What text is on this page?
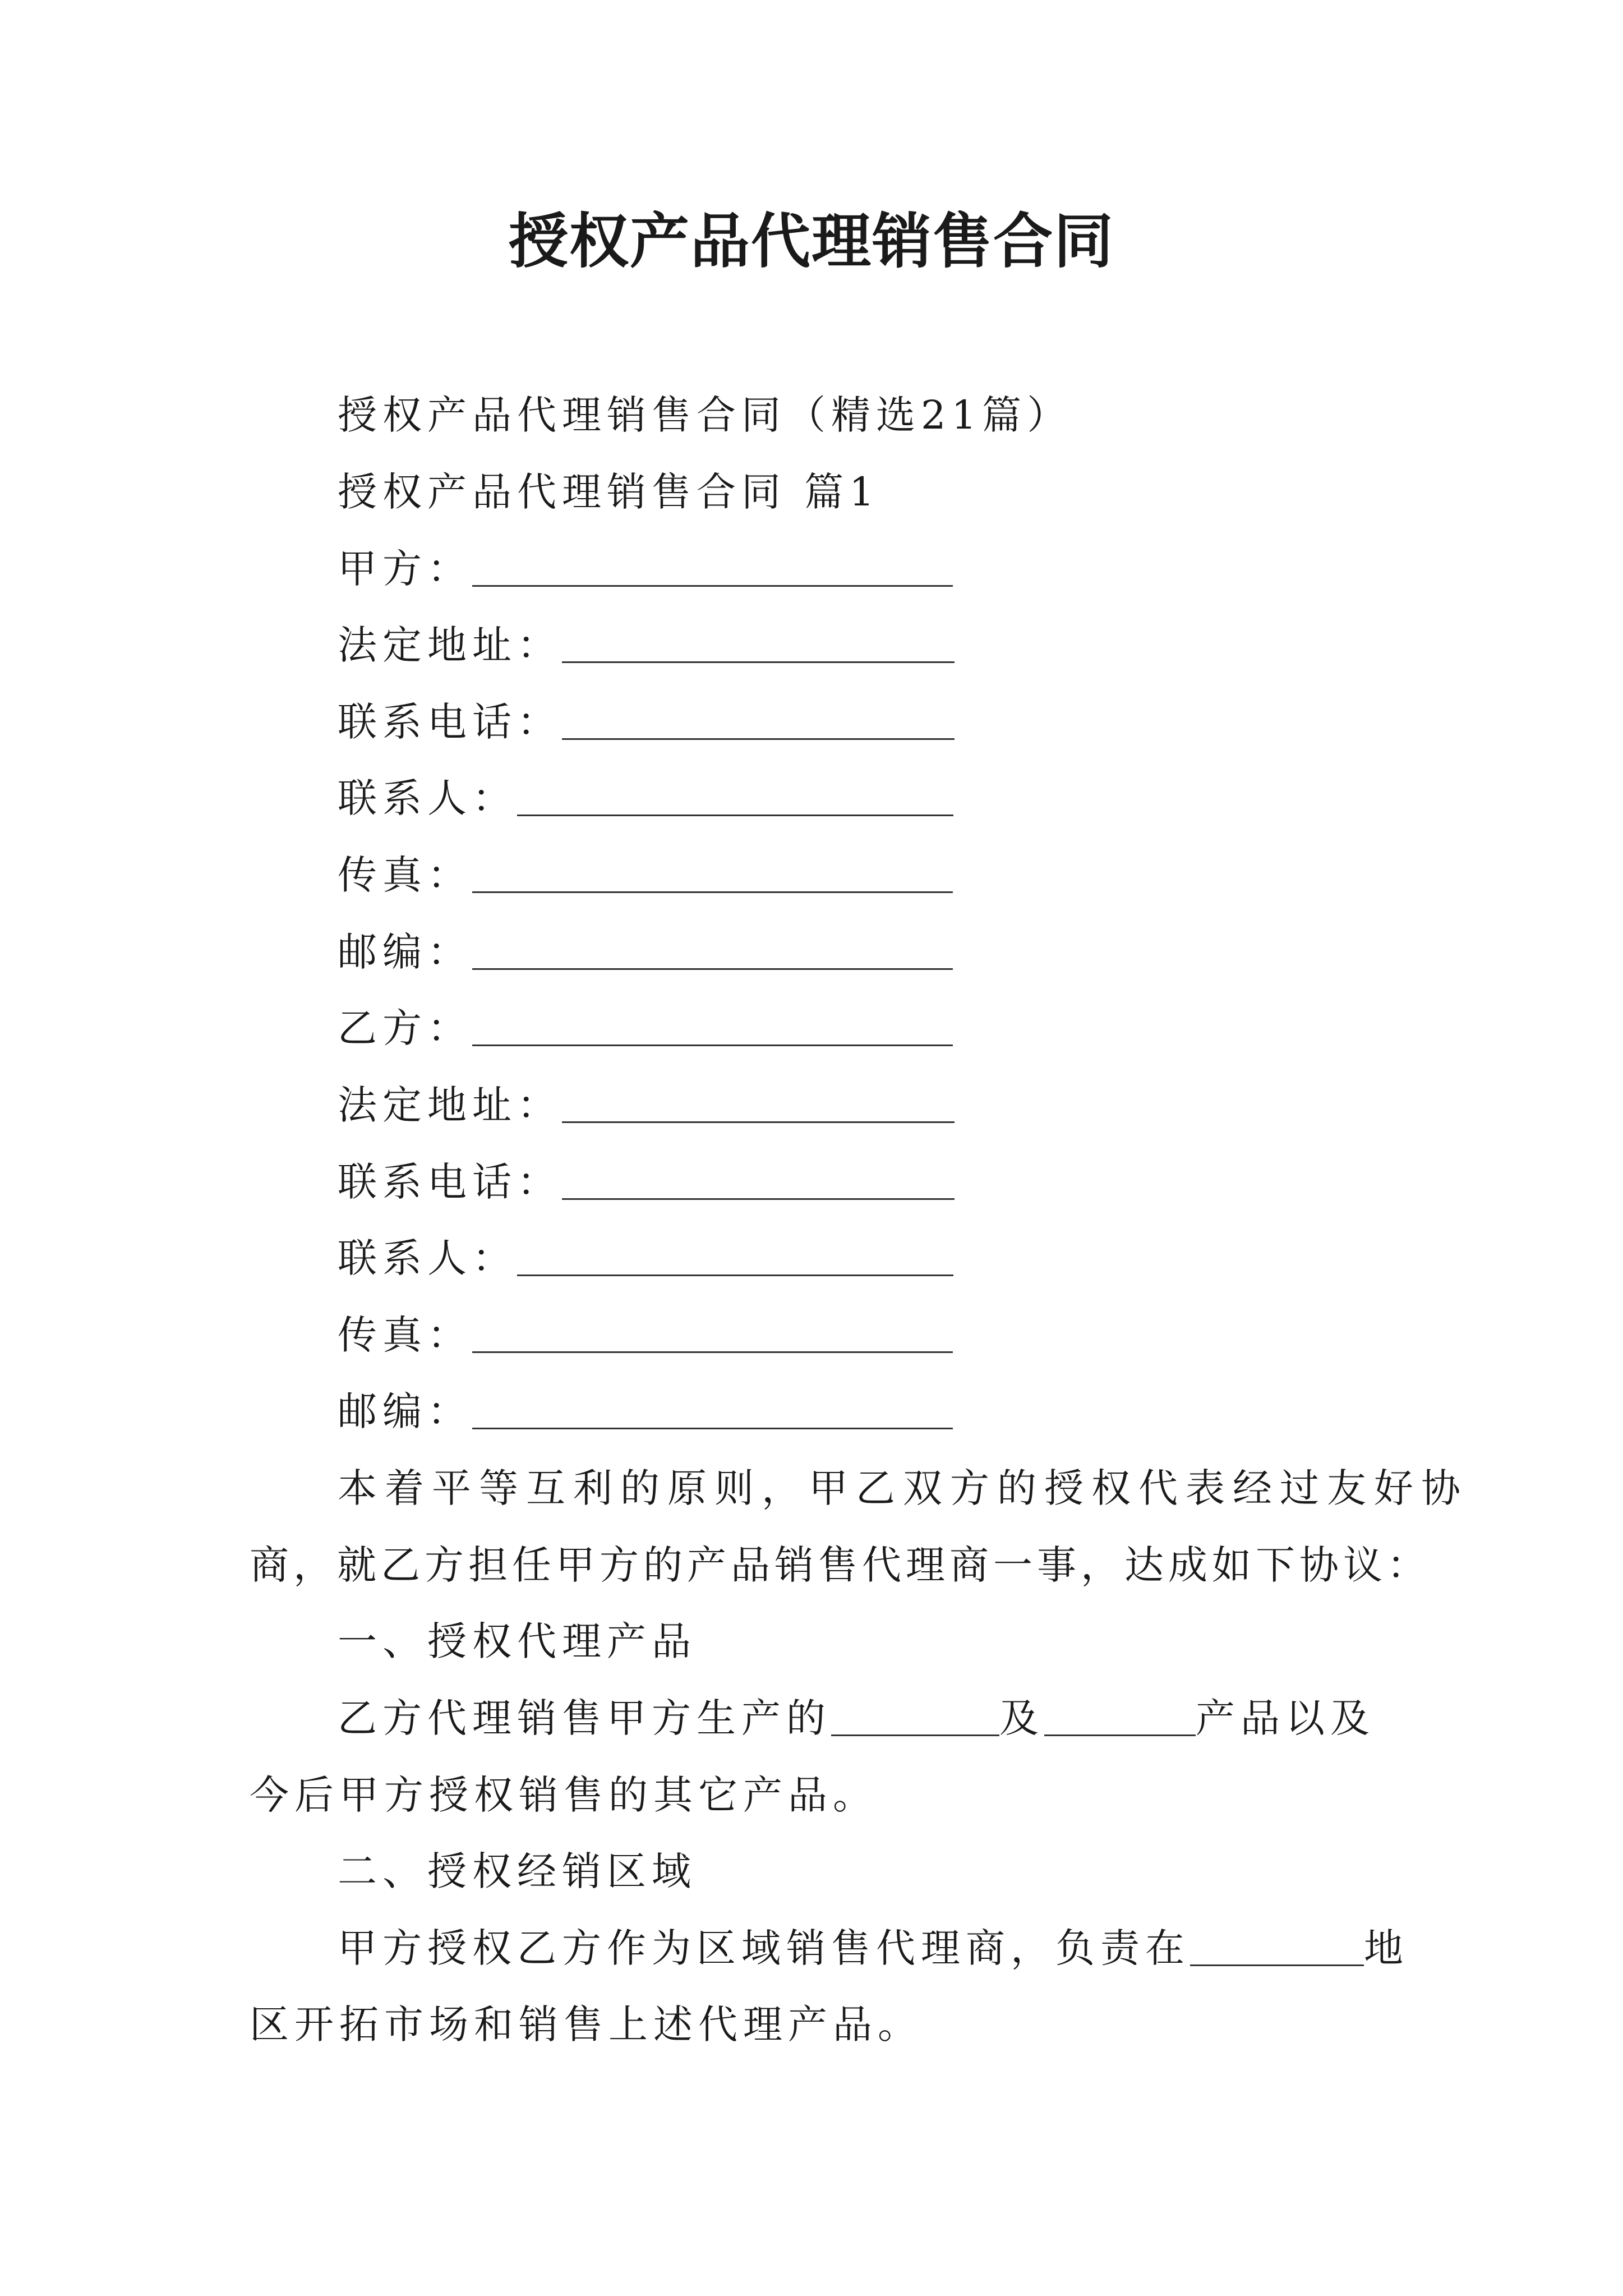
授权产品代理销售合同
授权产品代理销售合同（精选21篇）
授权产品代理销售合同 篇1
甲方：
法定地址：
联系电话：
联系人：
传真：
邮编：
乙方：
法定地址：
联系电话：
联系人：
传真：
邮编：
本着平等互利的原则，甲乙双方的授权代表经过友好协
商，就乙方担任甲方的产品销售代理商一事，达成如下协议：
一、授权代理产品
乙方代理销售甲方生产的	及	产品以及
今后甲方授权销售的其它产品。
二、授权经销区域
甲方授权乙方作为区域销售代理商，负责在	地
区开拓市场和销售上述代理产品。
